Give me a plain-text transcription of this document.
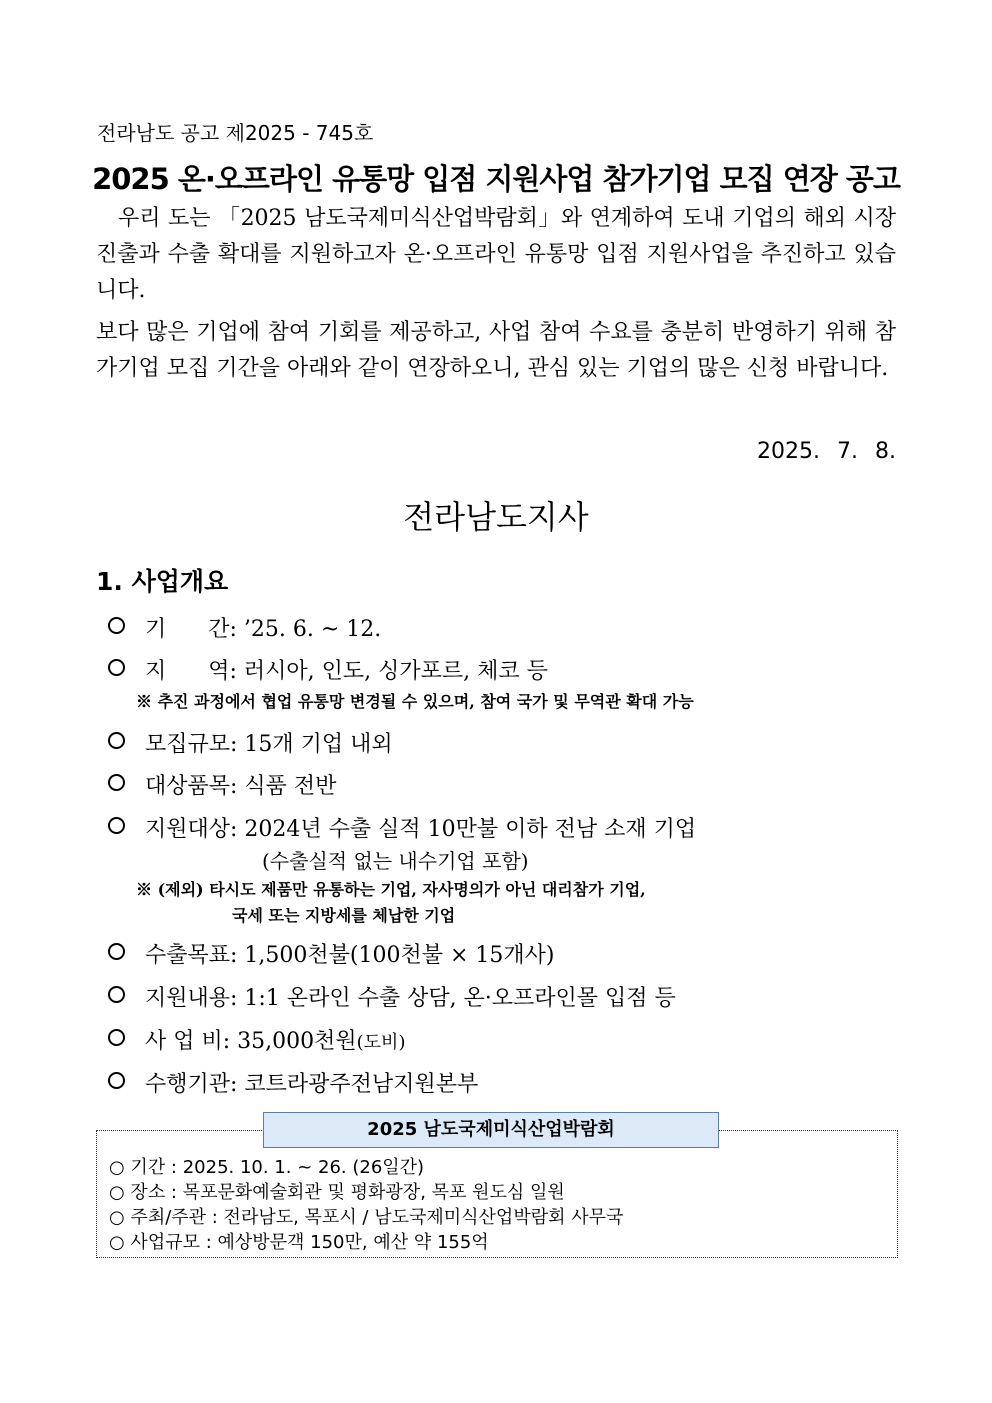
전라남도 공고 제2025 - 745호
2025 온·오프라인 유통망 입점 지원사업 참가기업 모집 연장 공고
우리 도는 「2025 남도국제미식산업박람회」와 연계하여 도내 기업의 해외 시장 진출과 수출 확대를 지원하고자 온·오프라인 유통망 입점 지원사업을 추진하고 있습니다.
보다 많은 기업에 참여 기회를 제공하고, 사업 참여 수요를 충분히 반영하기 위해 참가기업 모집 기간을 아래와 같이 연장하오니, 관심 있는 기업의 많은 신청 바랍니다.
2025. 7. 8.
전라남도지사
1. 사업개요
기      간: ’25. 6. ~ 12.
지      역: 러시아, 인도, 싱가포르, 체코 등
※ 추진 과정에서 협업 유통망 변경될 수 있으며, 참여 국가 및 무역관 확대 가능
모집규모: 15개 기업 내외
대상품목: 식품 전반
지원대상: 2024년 수출 실적 10만불 이하 전남 소재 기업
(수출실적 없는 내수기업 포함)
※ (제외) 타시도 제품만 유통하는 기업, 자사명의가 아닌 대리참가 기업,
국세 또는 지방세를 체납한 기업
수출목표: 1,500천불(100천불 × 15개사)
지원내용: 1:1 온라인 수출 상담, 온·오프라인몰 입점 등
사 업 비: 35,000천원(도비)
수행기관: 코트라광주전남지원본부
2025 남도국제미식산업박람회
○ 기간 : 2025. 10. 1. ~ 26. (26일간)
○ 장소 : 목포문화예술회관 및 평화광장, 목포 원도심 일원
○ 주최/주관 : 전라남도, 목포시 / 남도국제미식산업박람회 사무국
○ 사업규모 : 예상방문객 150만, 예산 약 155억
